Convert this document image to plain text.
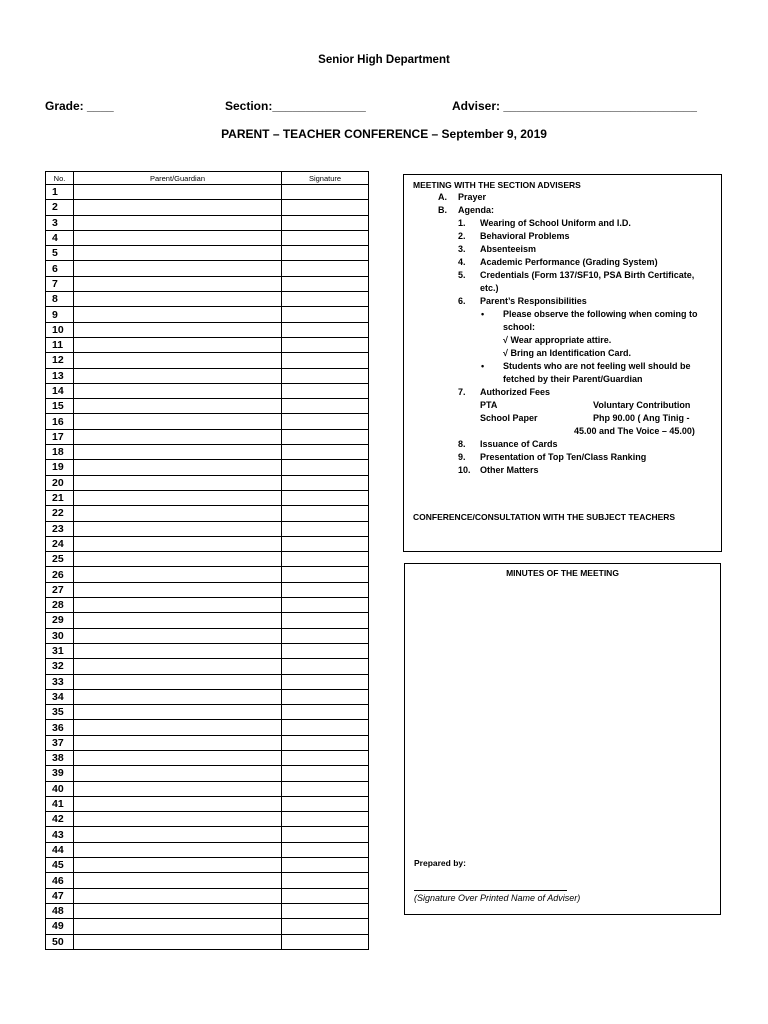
Senior High Department
Grade: ____	Section:______________	Adviser: _____________________________
PARENT – TEACHER CONFERENCE – September 9, 2019
No.	Parent/Guardian	Signature
1		
2		
3		
4		
5		
6		
7		
8		
9		
10		
11		
12		
13		
14		
15		
16		
17		
18		
19		
20		
21		
22		
23		
24		
25		
26		
27		
28		
29		
30		
31		
32		
33		
34		
35		
36		
37		
38		
39		
40		
41		
42		
43		
44		
45		
46		
47		
48		
49		
50		
MEETING WITH THE SECTION ADVISERS
A. Prayer
B. Agenda:
1. Wearing of School Uniform and I.D.
2. Behavioral Problems
3. Absenteeism
4. Academic Performance (Grading System)
5. Credentials (Form 137/SF10, PSA Birth Certificate,
etc.)
6. Parent’s Responsibilities
• Please observe the following when coming to
school:
√ Wear appropriate attire.
√ Bring an Identification Card.
• Students who are not feeling well should be
fetched by their Parent/Guardian
7. Authorized Fees
PTA	Voluntary Contribution
School Paper	Php 90.00 ( Ang Tinig -
45.00 and The Voice – 45.00)
8. Issuance of Cards
9. Presentation of Top Ten/Class Ranking
10. Other Matters
CONFERENCE/CONSULTATION WITH THE SUBJECT TEACHERS
MINUTES OF THE MEETING
Prepared by:
(Signature Over Printed Name of Adviser)
